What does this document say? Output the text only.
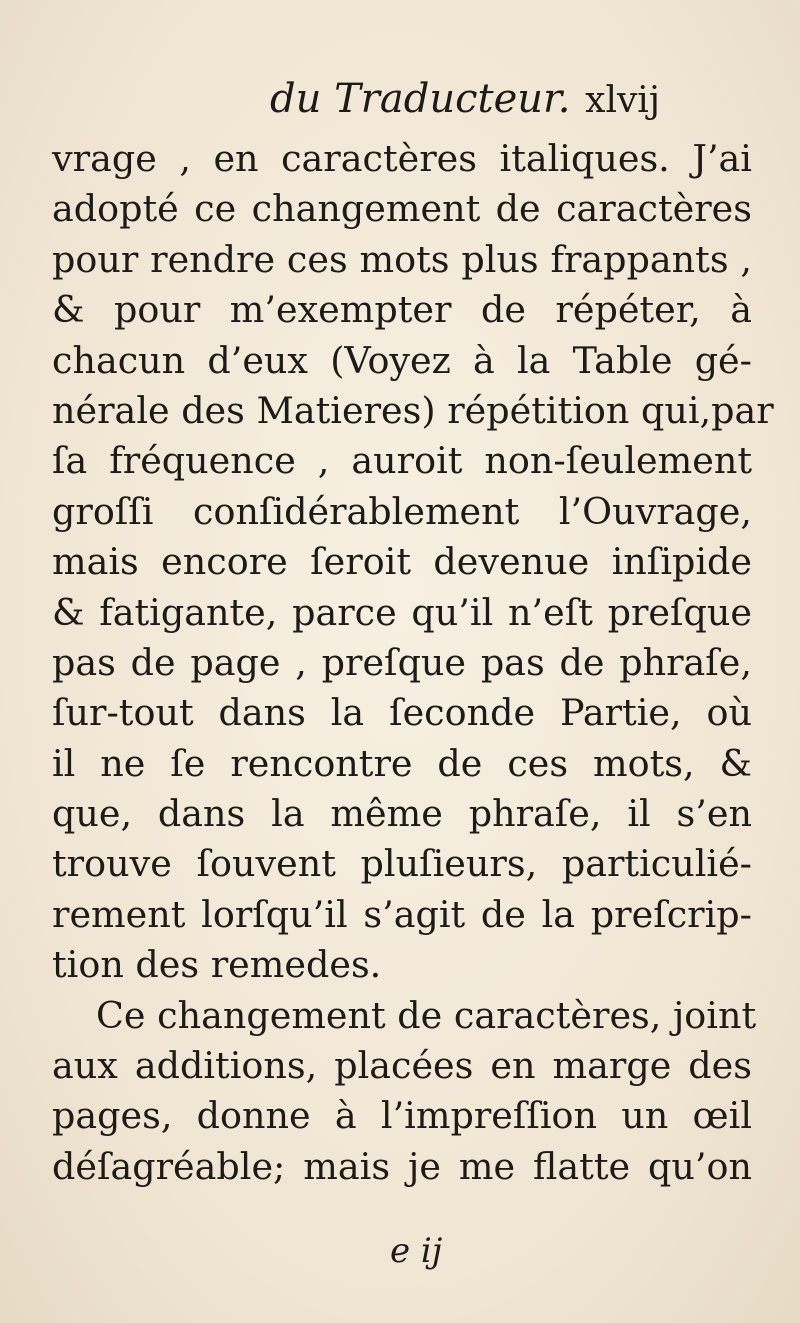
du Traducteur. xlvij
vrage , en caractères italiques. J’ai
adopté ce changement de caractères
pour rendre ces mots plus frappants ,
& pour m’exempter de répéter, à
chacun d’eux (Voyez à la Table gé-
nérale des Matieres) répétition qui,par
ſa fréquence , auroit non-ſeulement
groſſi conſidérablement l’Ouvrage,
mais encore ſeroit devenue inſipide
& fatigante, parce qu’il n’eſt preſque
pas de page , preſque pas de phraſe,
ſur-tout dans la ſeconde Partie, où
il ne ſe rencontre de ces mots, &
que, dans la même phraſe, il s’en
trouve ſouvent pluſieurs, particulié-
rement lorſqu’il s’agit de la preſcrip-
tion des remedes.
Ce changement de caractères, joint
aux additions, placées en marge des
pages, donne à l’impreſſion un œil
déſagréable; mais je me flatte qu’on
e ij
